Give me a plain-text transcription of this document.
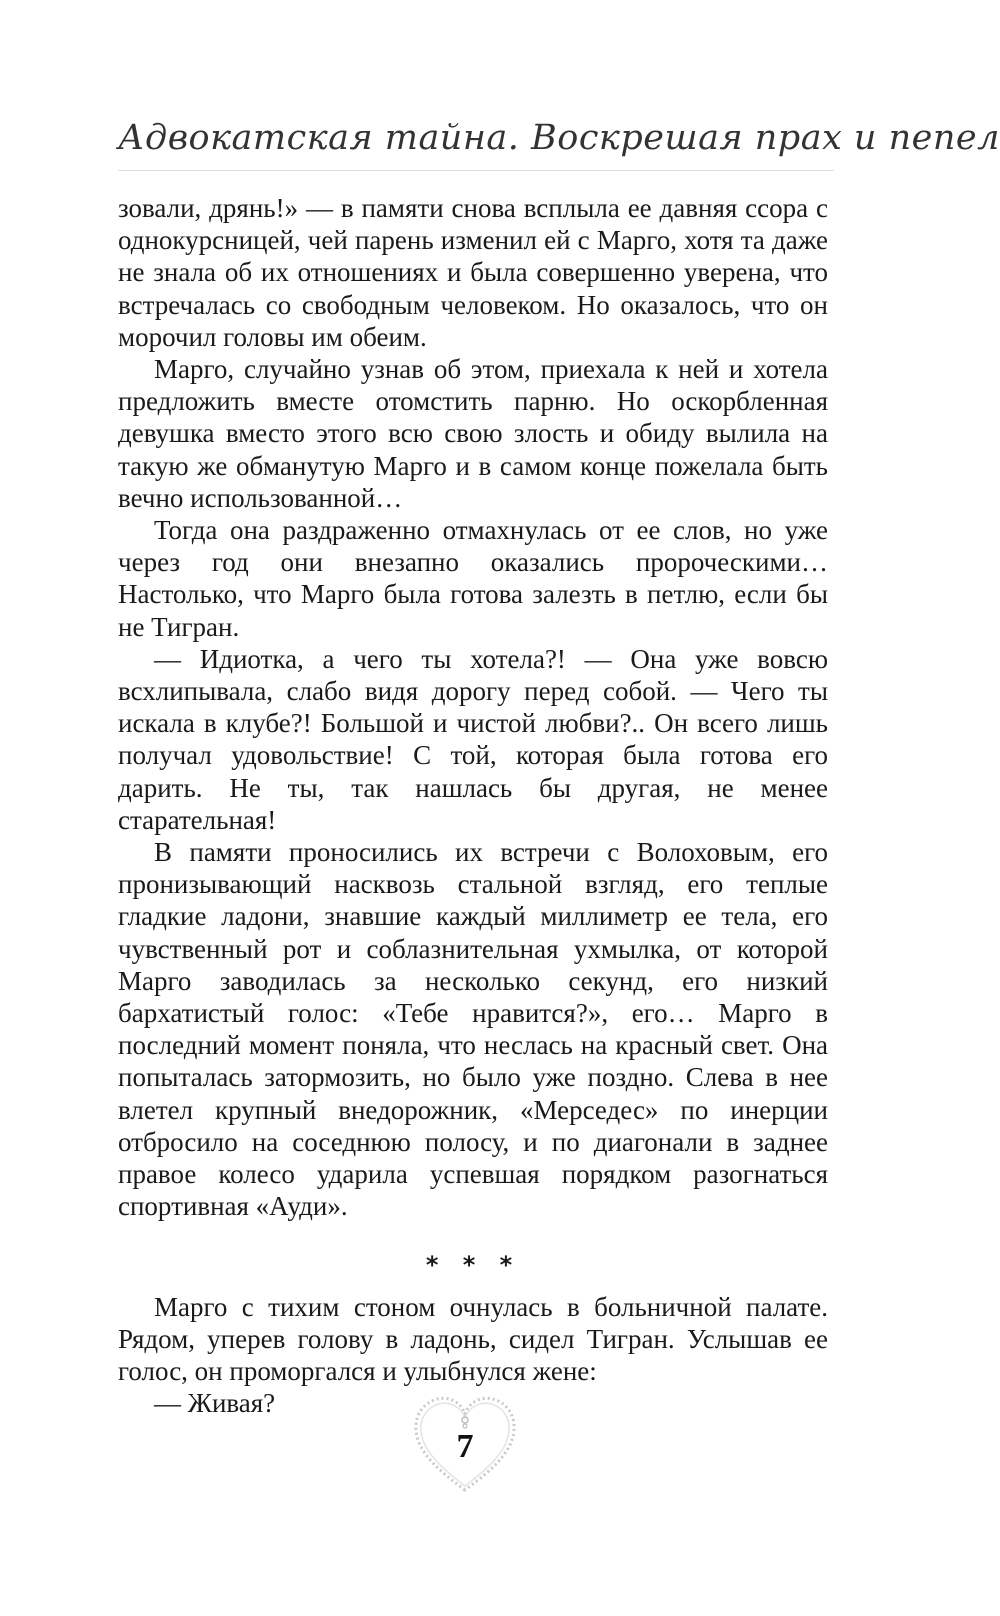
Адвокатская тайна. Воскрешая прах и пепел

зовали, дрянь!» — в памяти снова всплыла ее давняя ссора с однокурсницей, чей парень изменил ей с Марго, хотя та даже не знала об их отношениях и была совершенно уверена, что встречалась со свободным человеком. Но оказалось, что он морочил головы им обеим.

Марго, случайно узнав об этом, приехала к ней и хотела предложить вместе отомстить парню. Но оскорбленная девушка вместо этого всю свою злость и обиду вылила на такую же обманутую Марго и в самом конце пожелала быть вечно использованной…

Тогда она раздраженно отмахнулась от ее слов, но уже через год они внезапно оказались пророческими… Настолько, что Марго была готова залезть в петлю, если бы не Тигран.

— Идиотка, а чего ты хотела?! — Она уже вовсю всхлипывала, слабо видя дорогу перед собой. — Чего ты искала в клубе?! Большой и чистой любви?.. Он всего лишь получал удовольствие! С той, которая была готова его дарить. Не ты, так нашлась бы другая, не менее старательная!

В памяти проносились их встречи с Волоховым, его пронизывающий насквозь стальной взгляд, его теплые гладкие ладони, знавшие каждый миллиметр ее тела, его чувственный рот и соблазнительная ухмылка, от которой Марго заводилась за несколько секунд, его низкий бархатистый голос: «Тебе нравится?», его… Марго в последний момент поняла, что неслась на красный свет. Она попыталась затормозить, но было уже поздно. Слева в нее влетел крупный внедорожник, «Мерседес» по инерции отбросило на соседнюю полосу, и по диагонали в заднее правое колесо ударила успевшая порядком разогнаться спортивная «Ауди».

* * *

Марго с тихим стоном очнулась в больничной палате. Рядом, уперев голову в ладонь, сидел Тигран. Услышав ее голос, он проморгался и улыбнулся жене:

— Живая?

7
